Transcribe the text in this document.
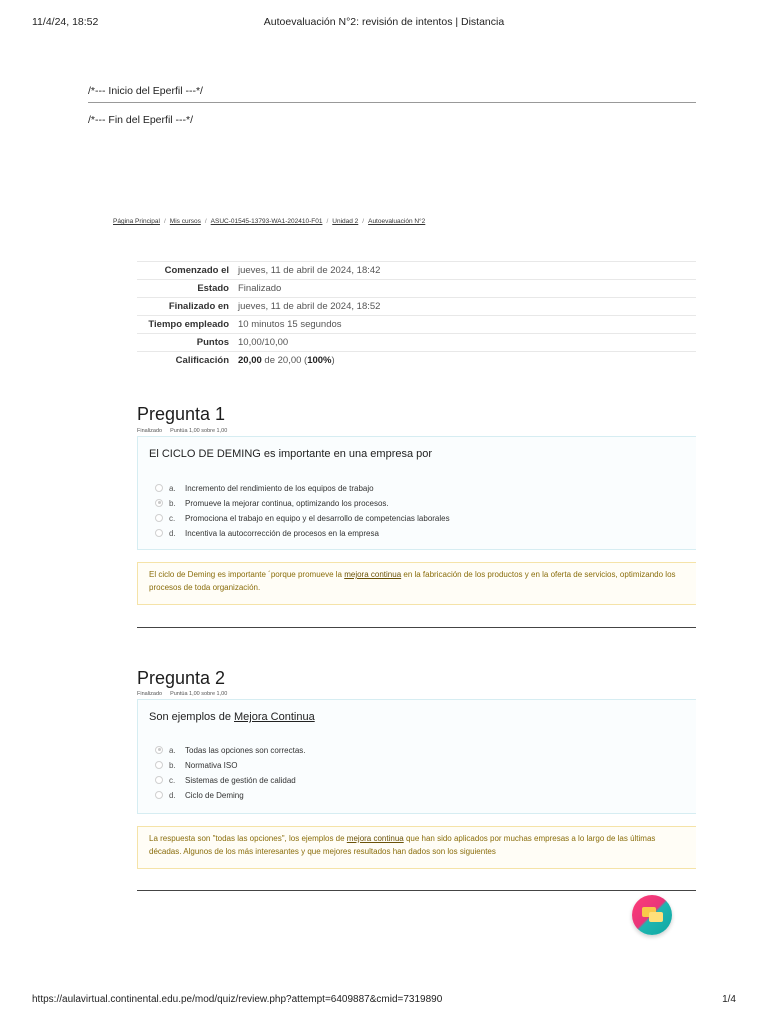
11/4/24, 18:52	Autoevaluación N°2: revisión de intentos | Distancia
/*--- Inicio del Eperfil ---*/
/*--- Fin del Eperfil ---*/
Página Principal / Mis cursos / ASUC-01545-13793-WA1-202410-F01 / Unidad 2 / Autoevaluación N°2
Comenzado el	jueves, 11 de abril de 2024, 18:42
Estado	Finalizado
Finalizado en	jueves, 11 de abril de 2024, 18:52
Tiempo empleado	10 minutos 15 segundos
Puntos	10,00/10,00
Calificación	20,00 de 20,00 (100%)
Pregunta 1
Finalizado Puntúa 1,00 sobre 1,00
El CICLO DE DEMING es importante en una empresa por
a. Incremento del rendimiento de los equipos de trabajo
b. Promueve la mejorar continua, optimizando los procesos.
c. Promociona el trabajo en equipo y el desarrollo de competencias laborales
d. Incentiva la autocorrección de procesos en la empresa
El ciclo de Deming es importante ´porque promueve la mejora continua en la fabricación de los productos y en la oferta de servicios, optimizando los procesos de toda organización.
Pregunta 2
Finalizado Puntúa 1,00 sobre 1,00
Son ejemplos de Mejora Continua
a. Todas las opciones son correctas.
b. Normativa ISO
c. Sistemas de gestión de calidad
d. Ciclo de Deming
La respuesta son "todas las opciones", los ejemplos de mejora continua que han sido aplicados por muchas empresas a lo largo de las últimas décadas. Algunos de los más interesantes y que mejores resultados han dados son los siguientes
https://aulavirtual.continental.edu.pe/mod/quiz/review.php?attempt=6409887&cmid=7319890	1/4
